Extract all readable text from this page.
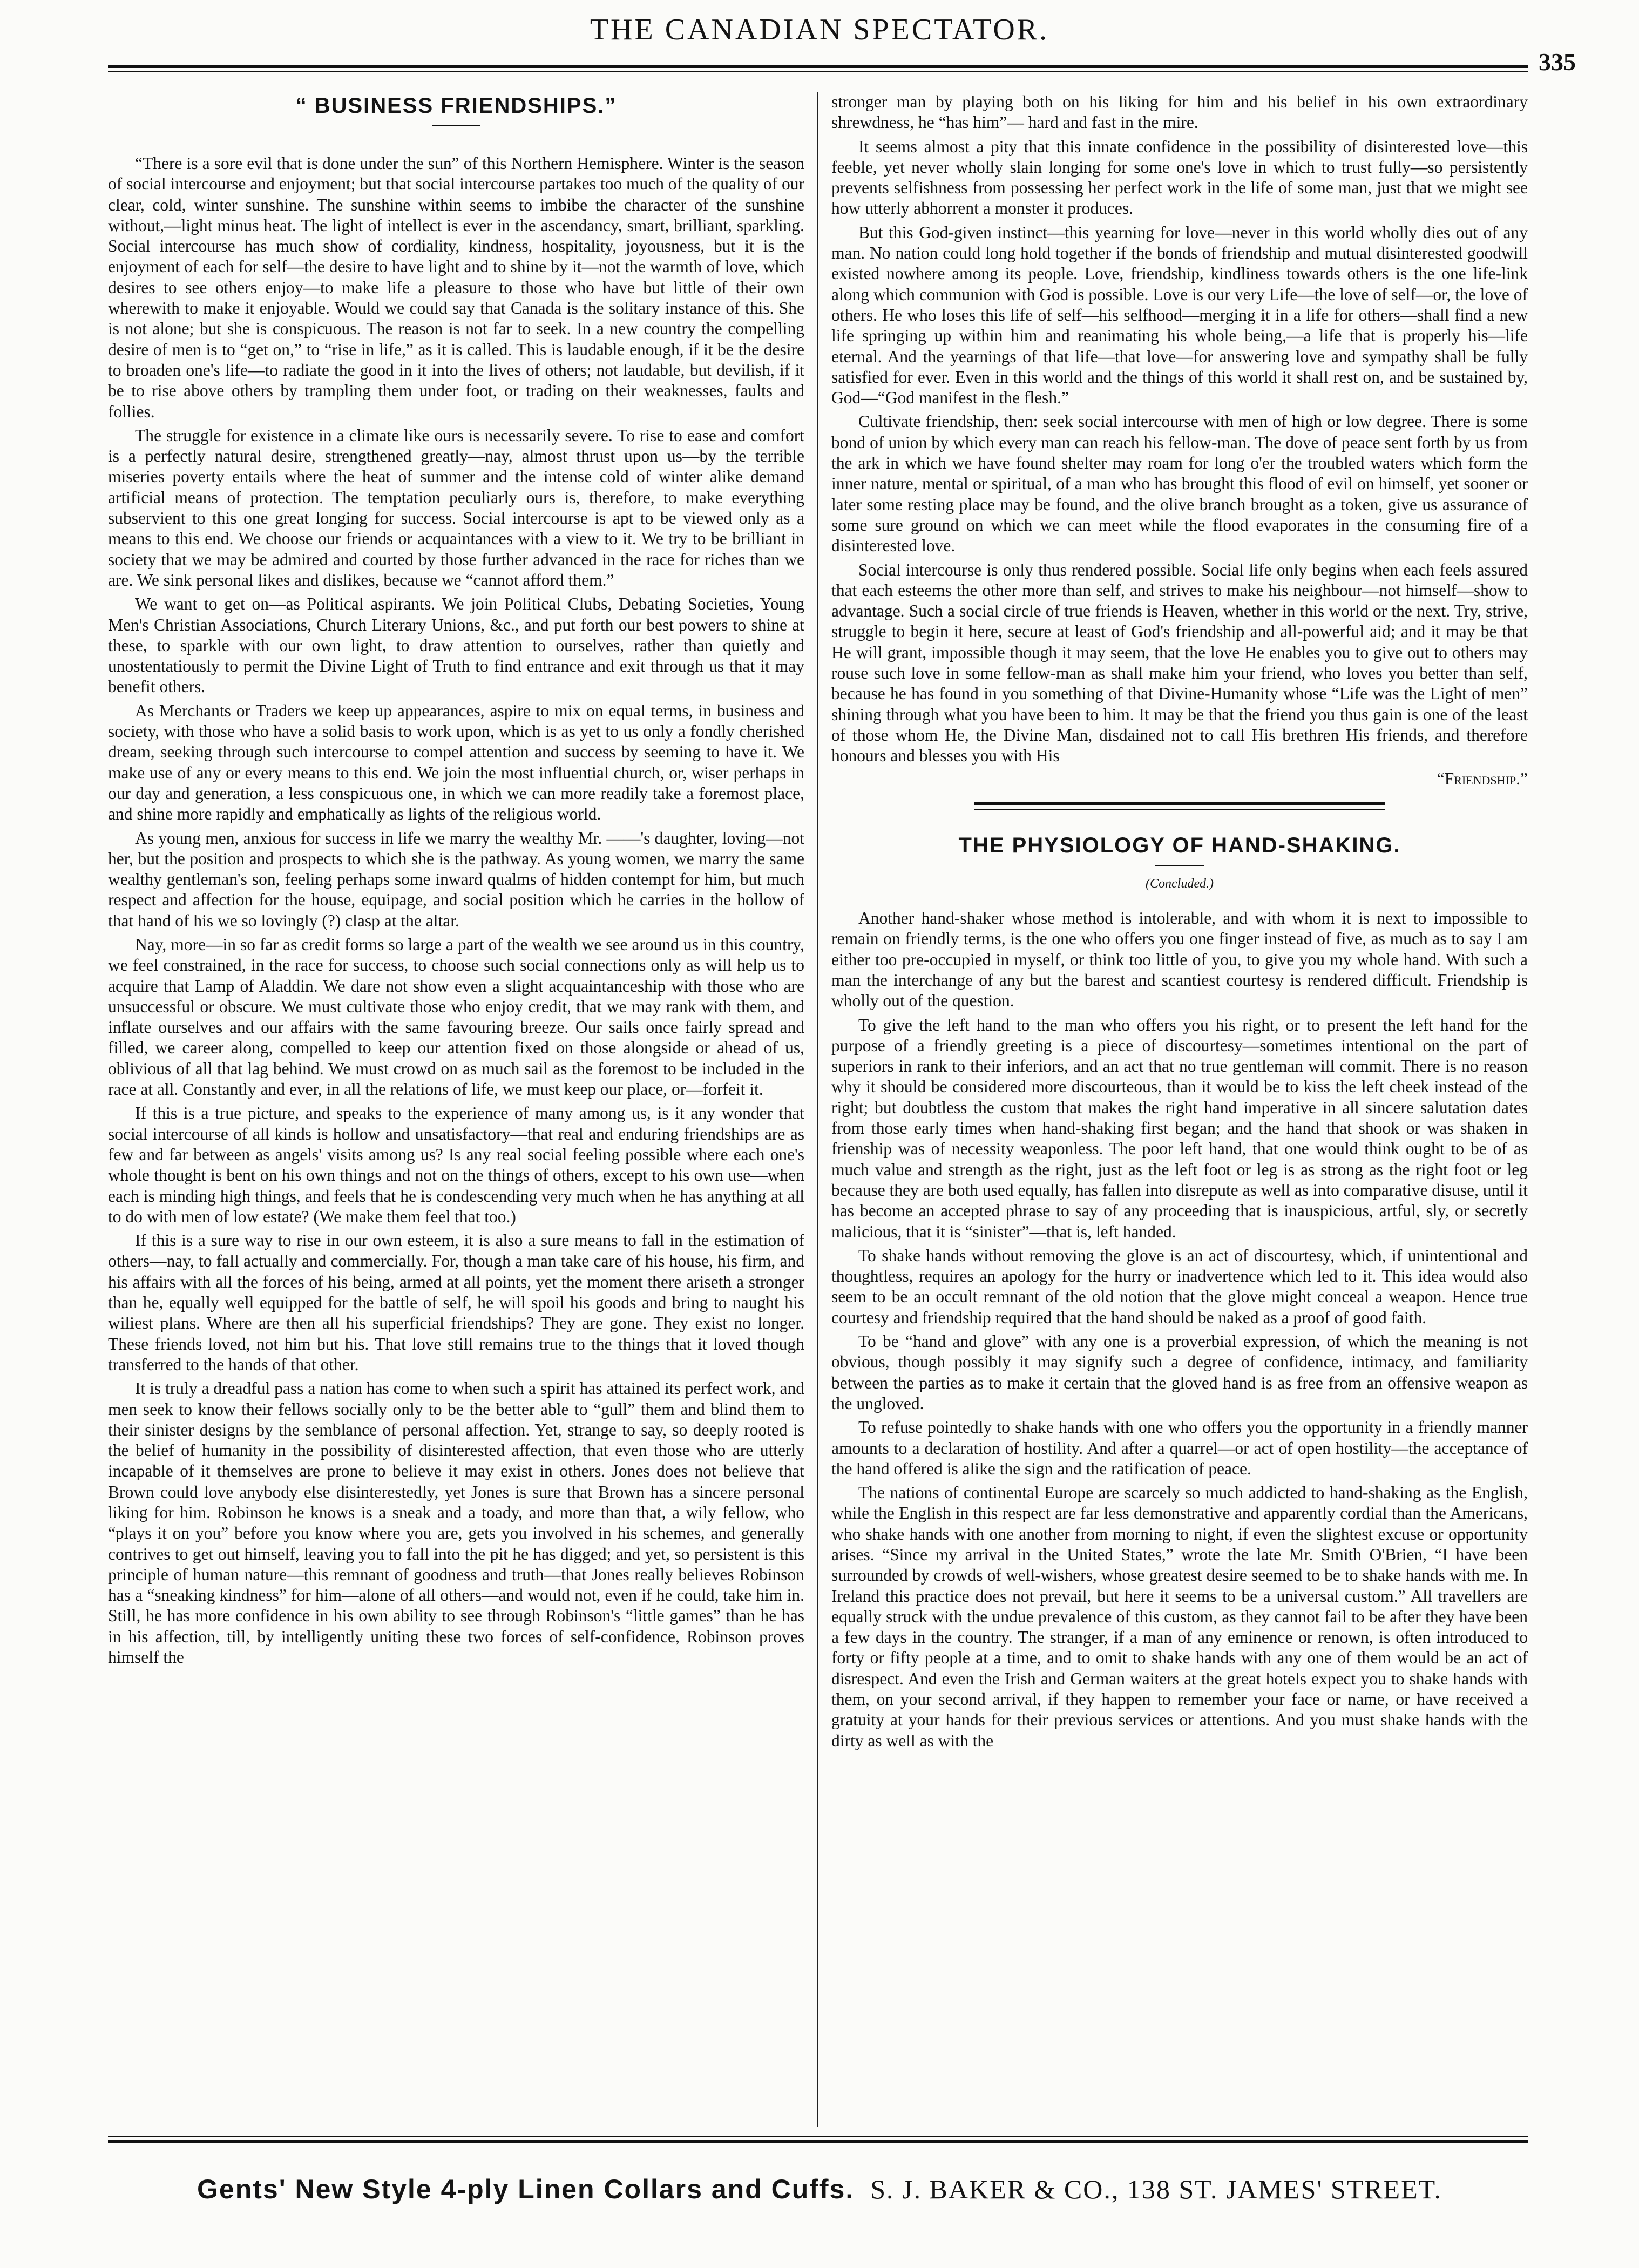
THE CANADIAN SPECTATOR.
335
“ BUSINESS FRIENDSHIPS.”

“There is a sore evil that is done under the sun” of this Northern Hemisphere. Winter is the season of social intercourse and enjoyment; but that social intercourse partakes too much of the quality of our clear, cold, winter sunshine. The sunshine within seems to imbibe the character of the sunshine without,—light minus heat. The light of intellect is ever in the ascendancy, smart, brilliant, sparkling. Social intercourse has much show of cordiality, kindness, hospitality, joyousness, but it is the enjoyment of each for self—the desire to have light and to shine by it—not the warmth of love, which desires to see others enjoy—to make life a pleasure to those who have but little of their own wherewith to make it enjoyable. Would we could say that Canada is the solitary instance of this. She is not alone; but she is conspicuous. The reason is not far to seek. In a new country the compelling desire of men is to “get on,” to “rise in life,” as it is called. This is laudable enough, if it be the desire to broaden one's life—to radiate the good in it into the lives of others; not laudable, but devilish, if it be to rise above others by trampling them under foot, or trading on their weaknesses, faults and follies.

The struggle for existence in a climate like ours is necessarily severe. To rise to ease and comfort is a perfectly natural desire, strengthened greatly—nay, almost thrust upon us—by the terrible miseries poverty entails where the heat of summer and the intense cold of winter alike demand artificial means of protection. The temptation peculiarly ours is, therefore, to make everything subservient to this one great longing for success. Social intercourse is apt to be viewed only as a means to this end. We choose our friends or acquaintances with a view to it. We try to be brilliant in society that we may be admired and courted by those further advanced in the race for riches than we are. We sink personal likes and dislikes, because we “cannot afford them.”

We want to get on—as Political aspirants. We join Political Clubs, Debating Societies, Young Men's Christian Associations, Church Literary Unions, &c., and put forth our best powers to shine at these, to sparkle with our own light, to draw attention to ourselves, rather than quietly and unostentatiously to permit the Divine Light of Truth to find entrance and exit through us that it may benefit others.

As Merchants or Traders we keep up appearances, aspire to mix on equal terms, in business and society, with those who have a solid basis to work upon, which is as yet to us only a fondly cherished dream, seeking through such intercourse to compel attention and success by seeming to have it. We make use of any or every means to this end. We join the most influential church, or, wiser perhaps in our day and generation, a less conspicuous one, in which we can more readily take a foremost place, and shine more rapidly and emphatically as lights of the religious world.

As young men, anxious for success in life we marry the wealthy Mr. ——'s daughter, loving—not her, but the position and prospects to which she is the pathway. As young women, we marry the same wealthy gentleman's son, feeling perhaps some inward qualms of hidden contempt for him, but much respect and affection for the house, equipage, and social position which he carries in the hollow of that hand of his we so lovingly (?) clasp at the altar.

Nay, more—in so far as credit forms so large a part of the wealth we see around us in this country, we feel constrained, in the race for success, to choose such social connections only as will help us to acquire that Lamp of Aladdin. We dare not show even a slight acquaintanceship with those who are unsuccessful or obscure. We must cultivate those who enjoy credit, that we may rank with them, and inflate ourselves and our affairs with the same favouring breeze. Our sails once fairly spread and filled, we career along, compelled to keep our attention fixed on those alongside or ahead of us, oblivious of all that lag behind. We must crowd on as much sail as the foremost to be included in the race at all. Constantly and ever, in all the relations of life, we must keep our place, or—forfeit it.

If this is a true picture, and speaks to the experience of many among us, is it any wonder that social intercourse of all kinds is hollow and unsatisfactory—that real and enduring friendships are as few and far between as angels' visits among us? Is any real social feeling possible where each one's whole thought is bent on his own things and not on the things of others, except to his own use—when each is minding high things, and feels that he is condescending very much when he has anything at all to do with men of low estate? (We make them feel that too.)

If this is a sure way to rise in our own esteem, it is also a sure means to fall in the estimation of others—nay, to fall actually and commercially. For, though a man take care of his house, his firm, and his affairs with all the forces of his being, armed at all points, yet the moment there ariseth a stronger than he, equally well equipped for the battle of self, he will spoil his goods and bring to naught his wiliest plans. Where are then all his superficial friendships? They are gone. They exist no longer. These friends loved, not him but his. That love still remains true to the things that it loved though transferred to the hands of that other.

It is truly a dreadful pass a nation has come to when such a spirit has attained its perfect work, and men seek to know their fellows socially only to be the better able to “gull” them and blind them to their sinister designs by the semblance of personal affection. Yet, strange to say, so deeply rooted is the belief of humanity in the possibility of disinterested affection, that even those who are utterly incapable of it themselves are prone to believe it may exist in others. Jones does not believe that Brown could love anybody else disinterestedly, yet Jones is sure that Brown has a sincere personal liking for him. Robinson he knows is a sneak and a toady, and more than that, a wily fellow, who “plays it on you” before you know where you are, gets you involved in his schemes, and generally contrives to get out himself, leaving you to fall into the pit he has digged; and yet, so persistent is this principle of human nature—this remnant of goodness and truth—that Jones really believes Robinson has a “sneaking kindness” for him—alone of all others—and would not, even if he could, take him in. Still, he has more confidence in his own ability to see through Robinson's “little games” than he has in his affection, till, by intelligently uniting these two forces of self-confidence, Robinson proves himself the

stronger man by playing both on his liking for him and his belief in his own extraordinary shrewdness, he “has him”— hard and fast in the mire.

It seems almost a pity that this innate confidence in the possibility of disinterested love—this feeble, yet never wholly slain longing for some one's love in which to trust fully—so persistently prevents selfishness from possessing her perfect work in the life of some man, just that we might see how utterly abhorrent a monster it produces.

But this God-given instinct—this yearning for love—never in this world wholly dies out of any man. No nation could long hold together if the bonds of friendship and mutual disinterested goodwill existed nowhere among its people. Love, friendship, kindliness towards others is the one life-link along which communion with God is possible. Love is our very Life—the love of self—or, the love of others. He who loses this life of self—his selfhood—merging it in a life for others—shall find a new life springing up within him and reanimating his whole being,—a life that is properly his—life eternal. And the yearnings of that life—that love—for answering love and sympathy shall be fully satisfied for ever. Even in this world and the things of this world it shall rest on, and be sustained by, God—“God manifest in the flesh.”

Cultivate friendship, then: seek social intercourse with men of high or low degree. There is some bond of union by which every man can reach his fellow-man. The dove of peace sent forth by us from the ark in which we have found shelter may roam for long o'er the troubled waters which form the inner nature, mental or spiritual, of a man who has brought this flood of evil on himself, yet sooner or later some resting place may be found, and the olive branch brought as a token, give us assurance of some sure ground on which we can meet while the flood evaporates in the consuming fire of a disinterested love.

Social intercourse is only thus rendered possible. Social life only begins when each feels assured that each esteems the other more than self, and strives to make his neighbour—not himself—show to advantage. Such a social circle of true friends is Heaven, whether in this world or the next. Try, strive, struggle to begin it here, secure at least of God's friendship and all-powerful aid; and it may be that He will grant, impossible though it may seem, that the love He enables you to give out to others may rouse such love in some fellow-man as shall make him your friend, who loves you better than self, because he has found in you something of that Divine-Humanity whose “Life was the Light of men” shining through what you have been to him. It may be that the friend you thus gain is one of the least of those whom He, the Divine Man, disdained not to call His brethren His friends, and therefore honours and blesses you with His

“Friendship.”
THE PHYSIOLOGY OF HAND-SHAKING.
(Concluded.)

Another hand-shaker whose method is intolerable, and with whom it is next to impossible to remain on friendly terms, is the one who offers you one finger instead of five, as much as to say I am either too pre-occupied in myself, or think too little of you, to give you my whole hand. With such a man the interchange of any but the barest and scantiest courtesy is rendered difficult. Friendship is wholly out of the question.

To give the left hand to the man who offers you his right, or to present the left hand for the purpose of a friendly greeting is a piece of discourtesy—sometimes intentional on the part of superiors in rank to their inferiors, and an act that no true gentleman will commit. There is no reason why it should be considered more discourteous, than it would be to kiss the left cheek instead of the right; but doubtless the custom that makes the right hand imperative in all sincere salutation dates from those early times when hand-shaking first began; and the hand that shook or was shaken in frienship was of necessity weaponless. The poor left hand, that one would think ought to be of as much value and strength as the right, just as the left foot or leg is as strong as the right foot or leg because they are both used equally, has fallen into disrepute as well as into comparative disuse, until it has become an accepted phrase to say of any proceeding that is inauspicious, artful, sly, or secretly malicious, that it is “sinister”—that is, left handed.

To shake hands without removing the glove is an act of discourtesy, which, if unintentional and thoughtless, requires an apology for the hurry or inadvertence which led to it. This idea would also seem to be an occult remnant of the old notion that the glove might conceal a weapon. Hence true courtesy and friendship required that the hand should be naked as a proof of good faith.

To be “hand and glove” with any one is a proverbial expression, of which the meaning is not obvious, though possibly it may signify such a degree of confidence, intimacy, and familiarity between the parties as to make it certain that the gloved hand is as free from an offensive weapon as the ungloved.

To refuse pointedly to shake hands with one who offers you the opportunity in a friendly manner amounts to a declaration of hostility. And after a quarrel—or act of open hostility—the acceptance of the hand offered is alike the sign and the ratification of peace.

The nations of continental Europe are scarcely so much addicted to hand-shaking as the English, while the English in this respect are far less demonstrative and apparently cordial than the Americans, who shake hands with one another from morning to night, if even the slightest excuse or opportunity arises. “Since my arrival in the United States,” wrote the late Mr. Smith O'Brien, “I have been surrounded by crowds of well-wishers, whose greatest desire seemed to be to shake hands with me. In Ireland this practice does not prevail, but here it seems to be a universal custom.” All travellers are equally struck with the undue prevalence of this custom, as they cannot fail to be after they have been a few days in the country. The stranger, if a man of any eminence or renown, is often introduced to forty or fifty people at a time, and to omit to shake hands with any one of them would be an act of disrespect. And even the Irish and German waiters at the great hotels expect you to shake hands with them, on your second arrival, if they happen to remember your face or name, or have received a gratuity at your hands for their previous services or attentions. And you must shake hands with the dirty as well as with the

Gents' New Style 4-ply Linen Collars and Cuffs. S. J. BAKER & CO., 138 ST. JAMES' STREET.
